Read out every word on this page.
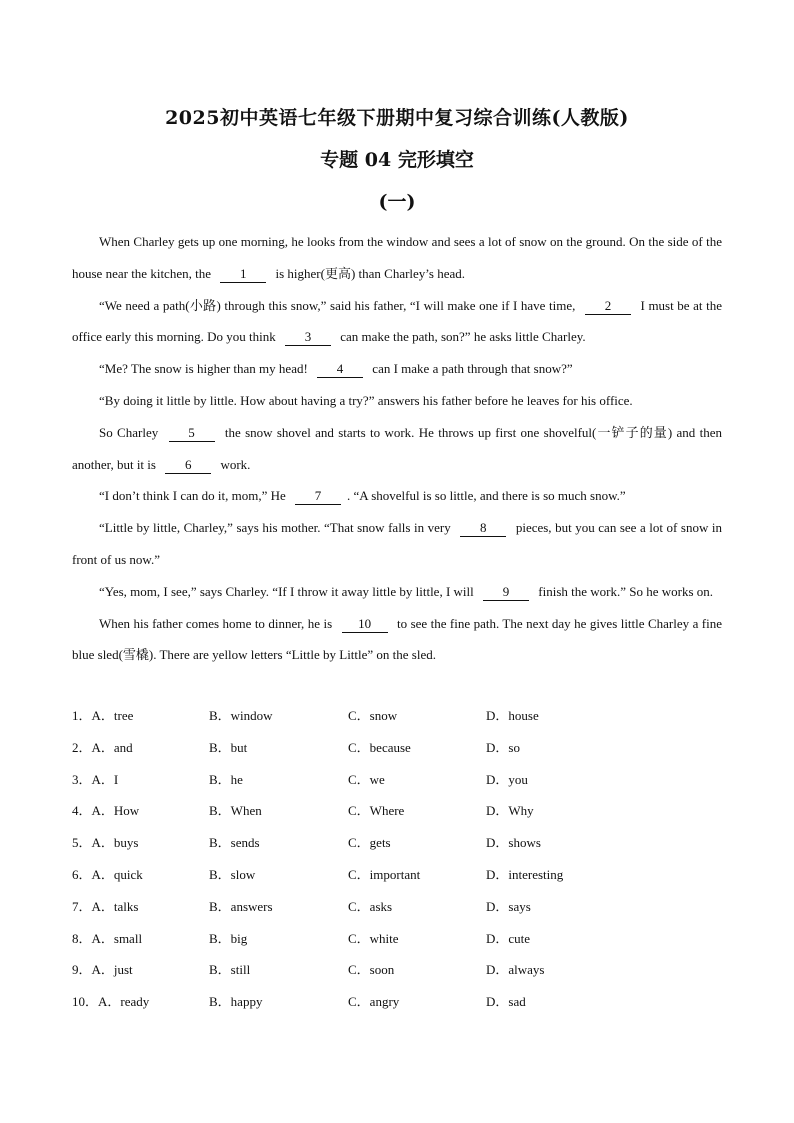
2025初中英语七年级下册期中复习综合训练(人教版)
专题 04 完形填空
(一)

When Charley gets up one morning, he looks from the window and sees a lot of snow on the ground. On the side of the house near the kitchen, the 1 is higher(更高) than Charley’s head.

“We need a path(小路) through this snow,” said his father, “I will make one if I have time, 2 I must be at the office early this morning. Do you think 3 can make the path, son?” he asks little Charley.

“Me? The snow is higher than my head! 4 can I make a path through that snow?”

“By doing it little by little. How about having a try?” answers his father before he leaves for his office.

So Charley 5 the snow shovel and starts to work. He throws up first one shovelful(一铲子的量) and then another, but it is 6 work.

“I don’t think I can do it, mom,” He 7 . “A shovelful is so little, and there is so much snow.”

“Little by little, Charley,” says his mother. “That snow falls in very 8 pieces, but you can see a lot of snow in front of us now.”

“Yes, mom, I see,” says Charley. “If I throw it away little by little, I will 9 finish the work.” So he works on.

When his father comes home to dinner, he is 10 to see the fine path. The next day he gives little Charley a fine blue sled(雪橇). There are yellow letters “Little by Little” on the sled.

1．A．tree	B．window	C．snow	D．house
2．A．and	B．but	C．because	D．so
3．A．I	B．he	C．we	D．you
4．A．How	B．When	C．Where	D．Why
5．A．buys	B．sends	C．gets	D．shows
6．A．quick	B．slow	C．important	D．interesting
7．A．talks	B．answers	C．asks	D．says
8．A．small	B．big	C．white	D．cute
9．A．just	B．still	C．soon	D．always
10．A．ready	B．happy	C．angry	D．sad
